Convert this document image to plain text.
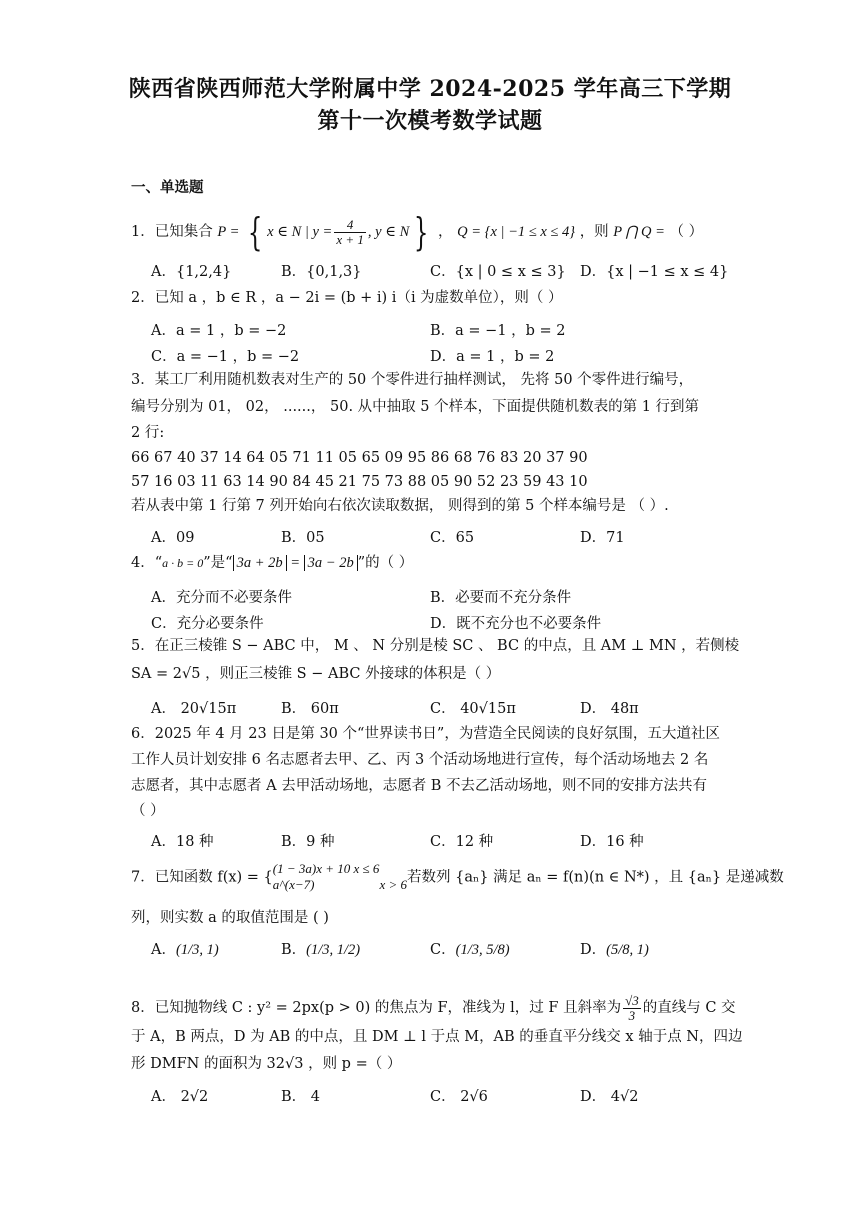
陕西省陕西师范大学附属中学 2024-2025 学年高三下学期
第十一次模考数学试题
一、单选题
1．已知集合 P = { x ∈ N | $y = \frac{4}{x + 1}$ , y ∈ N } ， Q = {x | −1 ≤ x ≤ 4} ，则 P ⋂ Q = （ ）
A．{1,2,4}	B．{0,1,3}	C．{x | 0 ≤ x ≤ 3} D．{x | −1 ≤ x ≤ 4}
2．已知 a ，b ∈ R ，a − 2i = (b + i) i（i 为虚数单位），则（ ）
A．a = 1 ，b = −2	B．a = −1 ，b = 2
C．a = −1 ，b = −2	D．a = 1 ，b = 2
3．某工厂利用随机数表对生产的 50 个零件进行抽样测试， 先将 50 个零件进行编号，
编号分别为 01， 02， ......， 50. 从中抽取 5 个样本，下面提供随机数表的第 1 行到第
2 行:
66 67 40 37 14 64 05 71 11 05 65 09 95 86 68 76 83 20 37 90
57 16 03 11 63 14 90 84 45 21 75 73 88 05 90 52 23 59 43 10
若从表中第 1 行第 7 列开始向右依次读取数据， 则得到的第 5 个样本编号是 （ ）.
A．09	B．05	C．65	D．71
4．“a · b = 0”是“ 3a + 2b = 3a − 2b ”的（ ）
A．充分而不必要条件	B．必要而不充分条件
C．充分必要条件	D．既不充分也不必要条件
5．在正三棱锥 S − ABC 中， M 、 N 分别是棱 SC 、 BC 的中点，且 AM ⊥ MN ，若侧棱
SA = 2√5 ，则正三棱锥 S − ABC 外接球的体积是（ ）
A． 20√15π	B． 60π	C． 40√15π	D． 48π
6．2025 年 4 月 23 日是第 30 个“世界读书日”，为营造全民阅读的良好氛围，五大道社区
工作人员计划安排 6 名志愿者去甲、乙、丙 3 个活动场地进行宣传，每个活动场地去 2 名
志愿者，其中志愿者 A 去甲活动场地，志愿者 B 不去乙活动场地，则不同的安排方法共有
（ ）
A．18 种	B．9 种	C．12 种	D．16 种
7．已知函数 f(x) = {
(1 − 3a)x + 10 x ≤ 6
a^(x−7)                    x > 6 若数列 {aₙ} 满足 aₙ = f(n)(n ∈ N*) ，且 {aₙ} 是递减数
列，则实数 a 的取值范围是 ( )
A．(1/3, 1)	B．(1/3, 1/2)	C．(1/3, 5/8)	D．(5/8, 1)
8．已知抛物线 C : y² = 2px(p > 0) 的焦点为 F，准线为 l，过 F 且斜率为 $\frac{√3}{3}$ 的直线与 C 交
于 A，B 两点，D 为 AB 的中点，且 DM ⊥ l 于点 M，AB 的垂直平分线交 x 轴于点 N，四边
形 DMFN 的面积为 32√3 ，则 p =（ ）
A． 2√2	B． 4	C． 2√6	D． 4√2
